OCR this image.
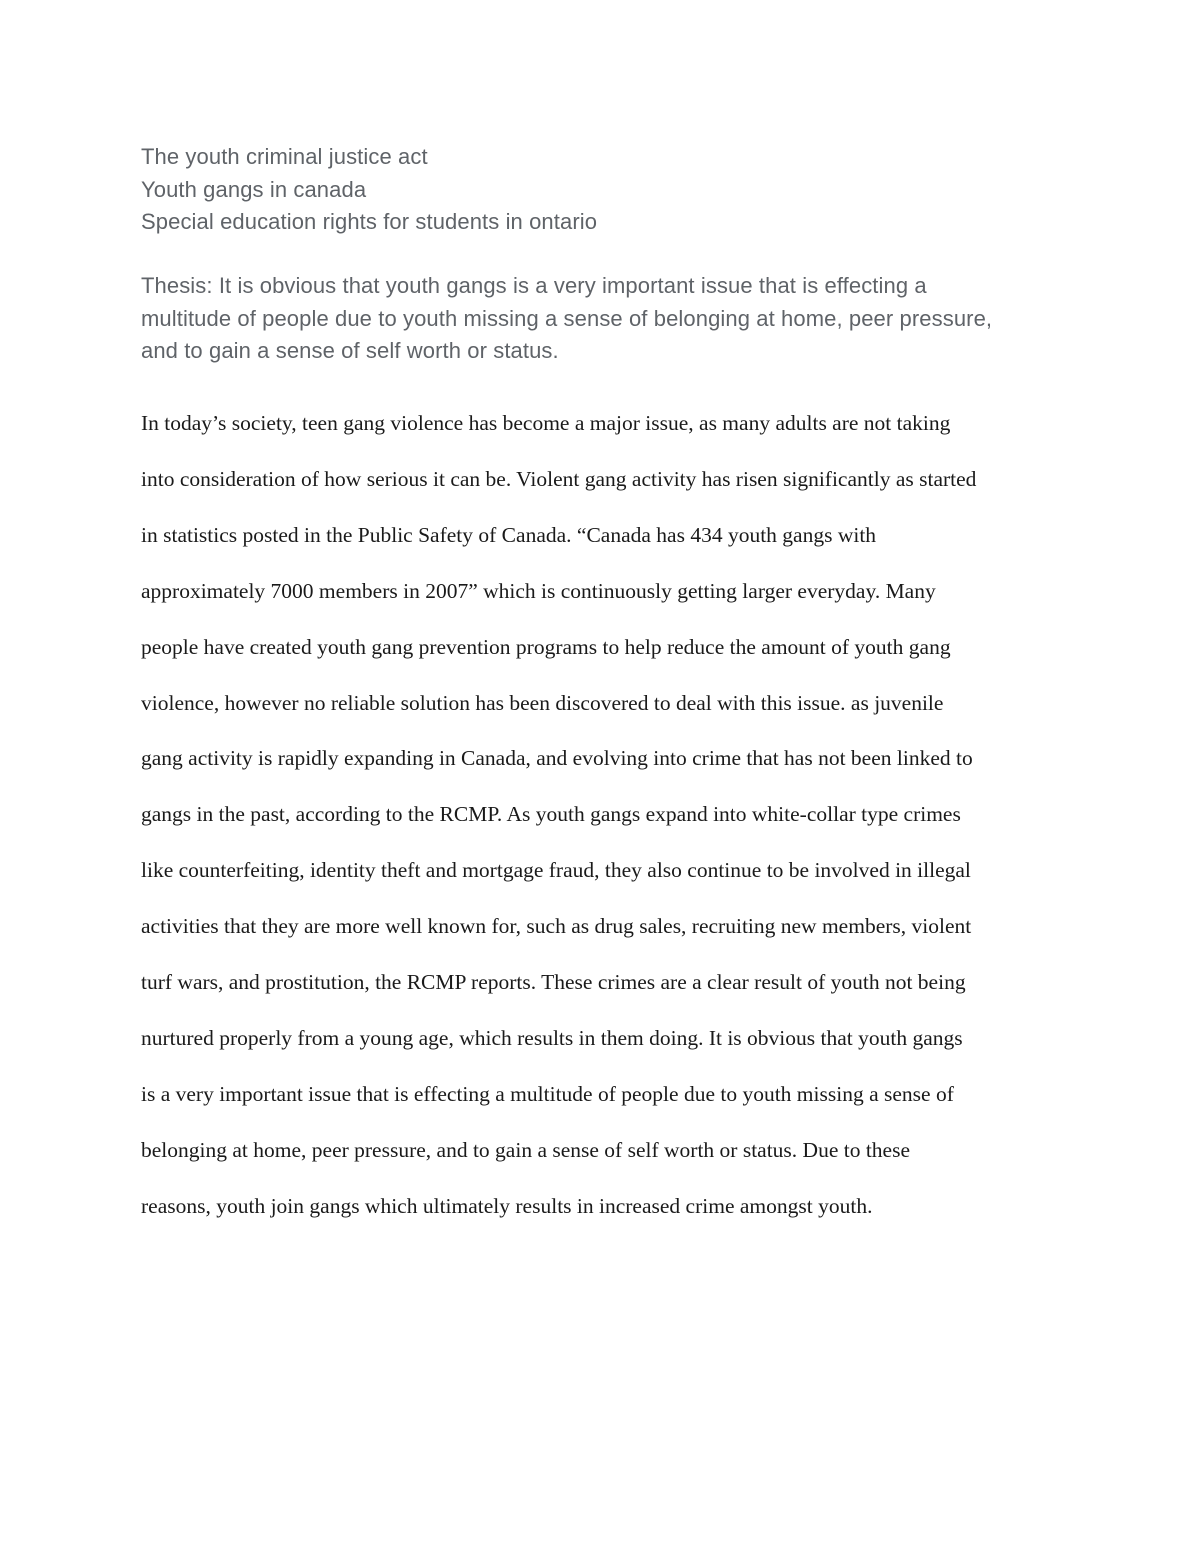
The youth criminal justice act
Youth gangs in canada
Special education rights for students in ontario
Thesis: It is obvious that youth gangs is a very important issue that is effecting a
multitude of people due to youth missing a sense of belonging at home, peer pressure,
and to gain a sense of self worth or status.
In today’s society, teen gang violence has become a major issue, as many adults are not taking
into consideration of how serious it can be. Violent gang activity has risen significantly as started
in statistics posted in the Public Safety of Canada. “Canada has 434 youth gangs with
approximately 7000 members in 2007” which is continuously getting larger everyday. Many
people have created youth gang prevention programs to help reduce the amount of youth gang
violence, however no reliable solution has been discovered to deal with this issue. as juvenile
gang activity is rapidly expanding in Canada, and evolving into crime that has not been linked to
gangs in the past, according to the RCMP. As youth gangs expand into white-collar type crimes
like counterfeiting, identity theft and mortgage fraud, they also continue to be involved in illegal
activities that they are more well known for, such as drug sales, recruiting new members, violent
turf wars, and prostitution, the RCMP reports. These crimes are a clear result of youth not being
nurtured properly from a young age, which results in them doing. It is obvious that youth gangs
is a very important issue that is effecting a multitude of people due to youth missing a sense of
belonging at home, peer pressure, and to gain a sense of self worth or status. Due to these
reasons, youth join gangs which ultimately results in increased crime amongst youth.
